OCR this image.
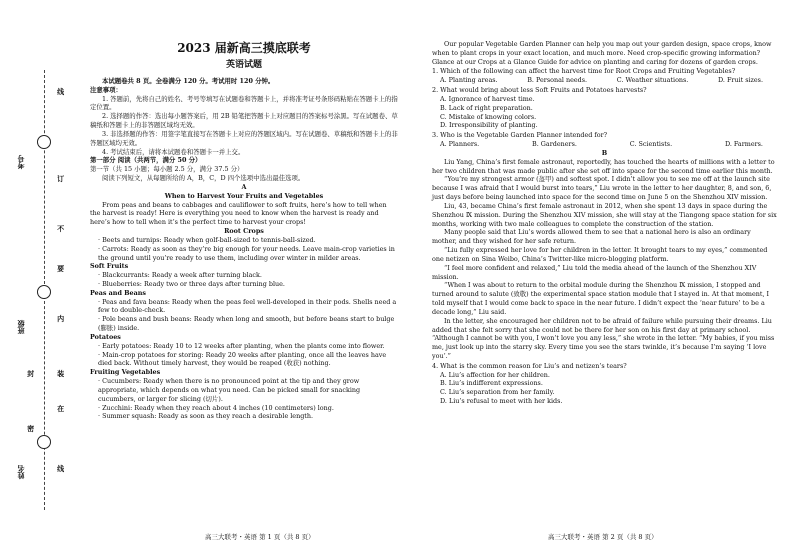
考号
班级
姓名
线
订
不
要
内
装
在
线
封
密
2023 届新高三摸底联考
英语试题

本试题卷共 8 页。全卷满分 120 分。考试用时 120 分钟。

注意事项：

1. 答题前，先将自己的姓名、考号等填写在试题卷和答题卡上，并将准考证号条形码粘贴在答题卡上的指定位置。

2. 选择题的作答：选出每小题答案后，用 2B 铅笔把答题卡上对应题目的答案标号涂黑。写在试题卷、草稿纸和答题卡上的非答题区域均无效。

3. 非选择题的作答：用签字笔直接写在答题卡上对应的答题区域内。写在试题卷、草稿纸和答题卡上的非答题区域均无效。

4. 考试结束后，请将本试题卷和答题卡一并上交。

第一部分 阅读（共两节，满分 50 分）

第一节（共 15 小题；每小题 2.5 分，满分 37.5 分）

阅读下列短文，从每题所给的 A，B，C，D 四个选项中选出最佳选项。

A

When to Harvest Your Fruits and Vegetables

From peas and beans to cabbages and cauliflower to soft fruits, here’s how to tell when the harvest is ready! Here is everything you need to know when the harvest is ready and here’s how to tell when it’s the perfect time to harvest your crops!

Root Crops

· Beets and turnips: Ready when golf-ball-sized to tennis-ball-sized.

· Carrots: Ready as soon as they’re big enough for your needs. Leave main-crop varieties in the ground until you’re ready to use them, including over winter in milder areas.

Soft Fruits

· Blackcurrants: Ready a week after turning black.

· Blueberries: Ready two or three days after turning blue.

Peas and Beans

· Peas and fava beans: Ready when the peas feel well-developed in their pods. Shells need a few to double-check.

· Pole beans and bush beans: Ready when long and smooth, but before beans start to bulge (膨胀) inside.

Potatoes

· Early potatoes: Ready 10 to 12 weeks after planting, when the plants come into flower.

· Main-crop potatoes for storing: Ready 20 weeks after planting, once all the leaves have died back. Without timely harvest, they would be reaped (收获) nothing.

Fruiting Vegetables

· Cucumbers: Ready when there is no pronounced point at the tip and they grow appropriate, which depends on what you need. Can be picked small for snacking cucumbers, or larger for slicing (切片).

· Zucchini: Ready when they reach about 4 inches (10 centimeters) long.

· Summer squash: Ready as soon as they reach a desirable length.

Our popular Vegetable Garden Planner can help you map out your garden design, space crops, know when to plant crops in your exact location, and much more. Need crop-specific growing information? Glance at our Crops at a Glance Guide for advice on planting and caring for dozens of garden crops.

1. Which of the following can affect the harvest time for Root Crops and Fruiting Vegetables?

A. Planting areas.	B. Personal needs.	C. Weather situations.	D. Fruit sizes.

2. What would bring about less Soft Fruits and Potatoes harvests?

A. Ignorance of harvest time.

B. Lack of right preparation.

C. Mistake of knowing colors.

D. Irresponsibility of planting.

3. Who is the Vegetable Garden Planner intended for?

A. Planners.	B. Gardeners.	C. Scientists.	D. Farmers.

B

Liu Yang, China’s first female astronaut, reportedly, has touched the hearts of millions with a letter to her two children that was made public after she set off into space for the second time earlier this month.

“You’re my strongest armor (盔甲) and softest spot. I didn’t allow you to see me off at the launch site because I was afraid that I would burst into tears,” Liu wrote in the letter to her daughter, 8, and son, 6, just days before being launched into space for the second time on June 5 on the Shenzhou XIV mission.

Liu, 43, became China’s first female astronaut in 2012, when she spent 13 days in space during the Shenzhou Ⅸ mission. During the Shenzhou XIV mission, she will stay at the Tiangong space station for six months, working with two male colleagues to complete the construction of the station.

Many people said that Liu’s words allowed them to see that a national hero is also an ordinary mother, and they wished for her safe return.

“Liu fully expressed her love for her children in the letter. It brought tears to my eyes,” commented one netizen on Sina Weibo, China’s Twitter-like micro-blogging platform.

“I feel more confident and relaxed,” Liu told the media ahead of the launch of the Shenzhou XIV mission.

“When I was about to return to the orbital module during the Shenzhou Ⅸ mission, I stopped and turned around to salute (致敬) the experimental space station module that I stayed in. At that moment, I told myself that I would come back to space in the near future. I didn’t expect the ‘near future’ to be a decade long,” Liu said.

In the letter, she encouraged her children not to be afraid of failure while pursuing their dreams. Liu added that she felt sorry that she could not be there for her son on his first day at primary school. “Although I cannot be with you, I won’t love you any less,” she wrote in the letter. “My babies, if you miss me, just look up into the starry sky. Every time you see the stars twinkle, it’s because I’m saying ‘I love you’.”

4. What is the common reason for Liu’s and netizen’s tears?

A. Liu’s affection for her children.

B. Liu’s indifferent expressions.

C. Liu’s separation from her family.

D. Liu’s refusal to meet with her kids.

高三大联考・英语 第 1 页（共 8 页）	高三大联考・英语 第 2 页（共 8 页）
